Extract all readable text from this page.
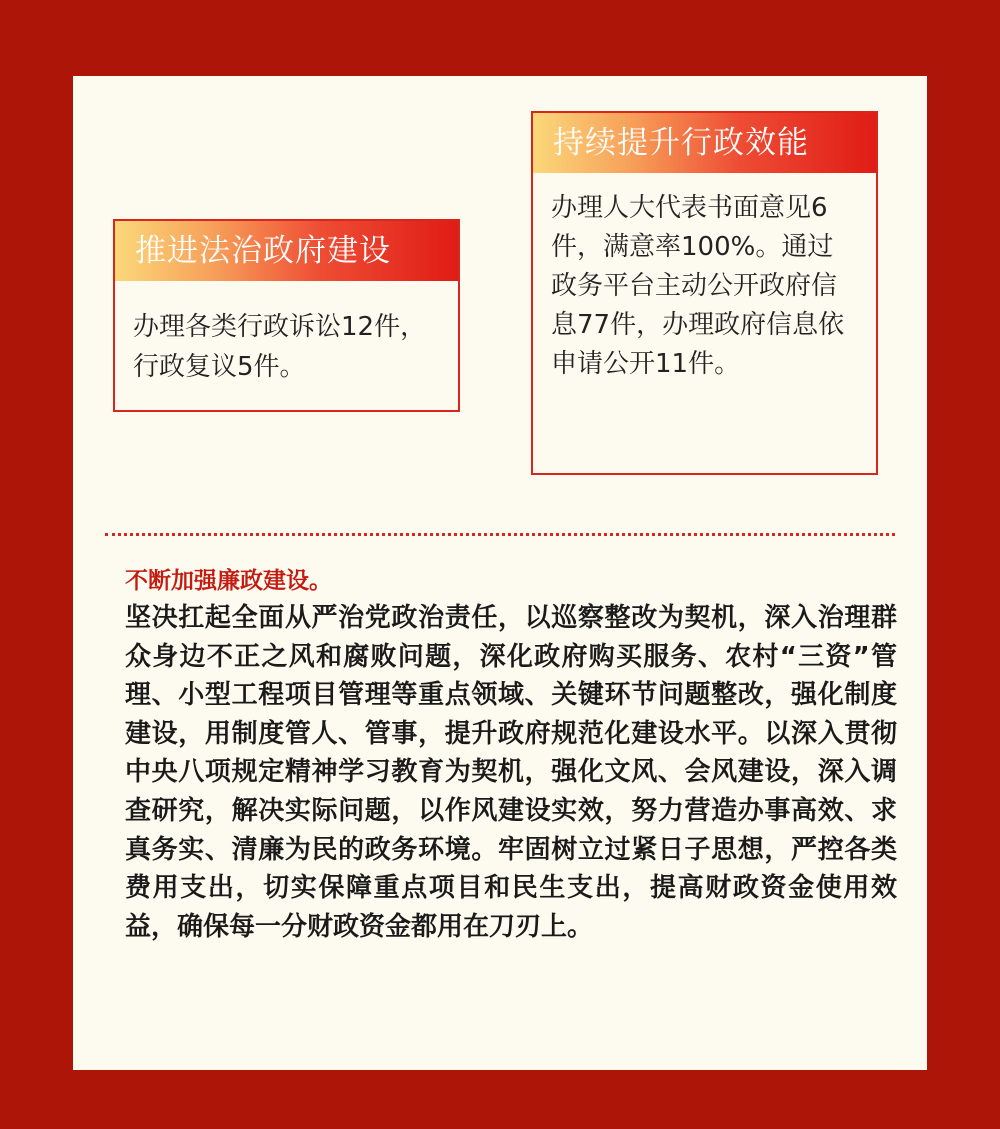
推进法治政府建设
办理各类行政诉讼12件，行政复议5件。
持续提升行政效能
办理人大代表书面意见6件，满意率100%。通过政务平台主动公开政府信息77件，办理政府信息依申请公开11件。
不断加强廉政建设。
坚决扛起全面从严治党政治责任，以巡察整改为契机，深入治理群众身边不正之风和腐败问题，深化政府购买服务、农村“三资”管理、小型工程项目管理等重点领域、关键环节问题整改，强化制度建设，用制度管人、管事，提升政府规范化建设水平。以深入贯彻中央八项规定精神学习教育为契机，强化文风、会风建设，深入调查研究，解决实际问题，以作风建设实效，努力营造办事高效、求真务实、清廉为民的政务环境。牢固树立过紧日子思想，严控各类费用支出，切实保障重点项目和民生支出，提高财政资金使用效益，确保每一分财政资金都用在刀刃上。
